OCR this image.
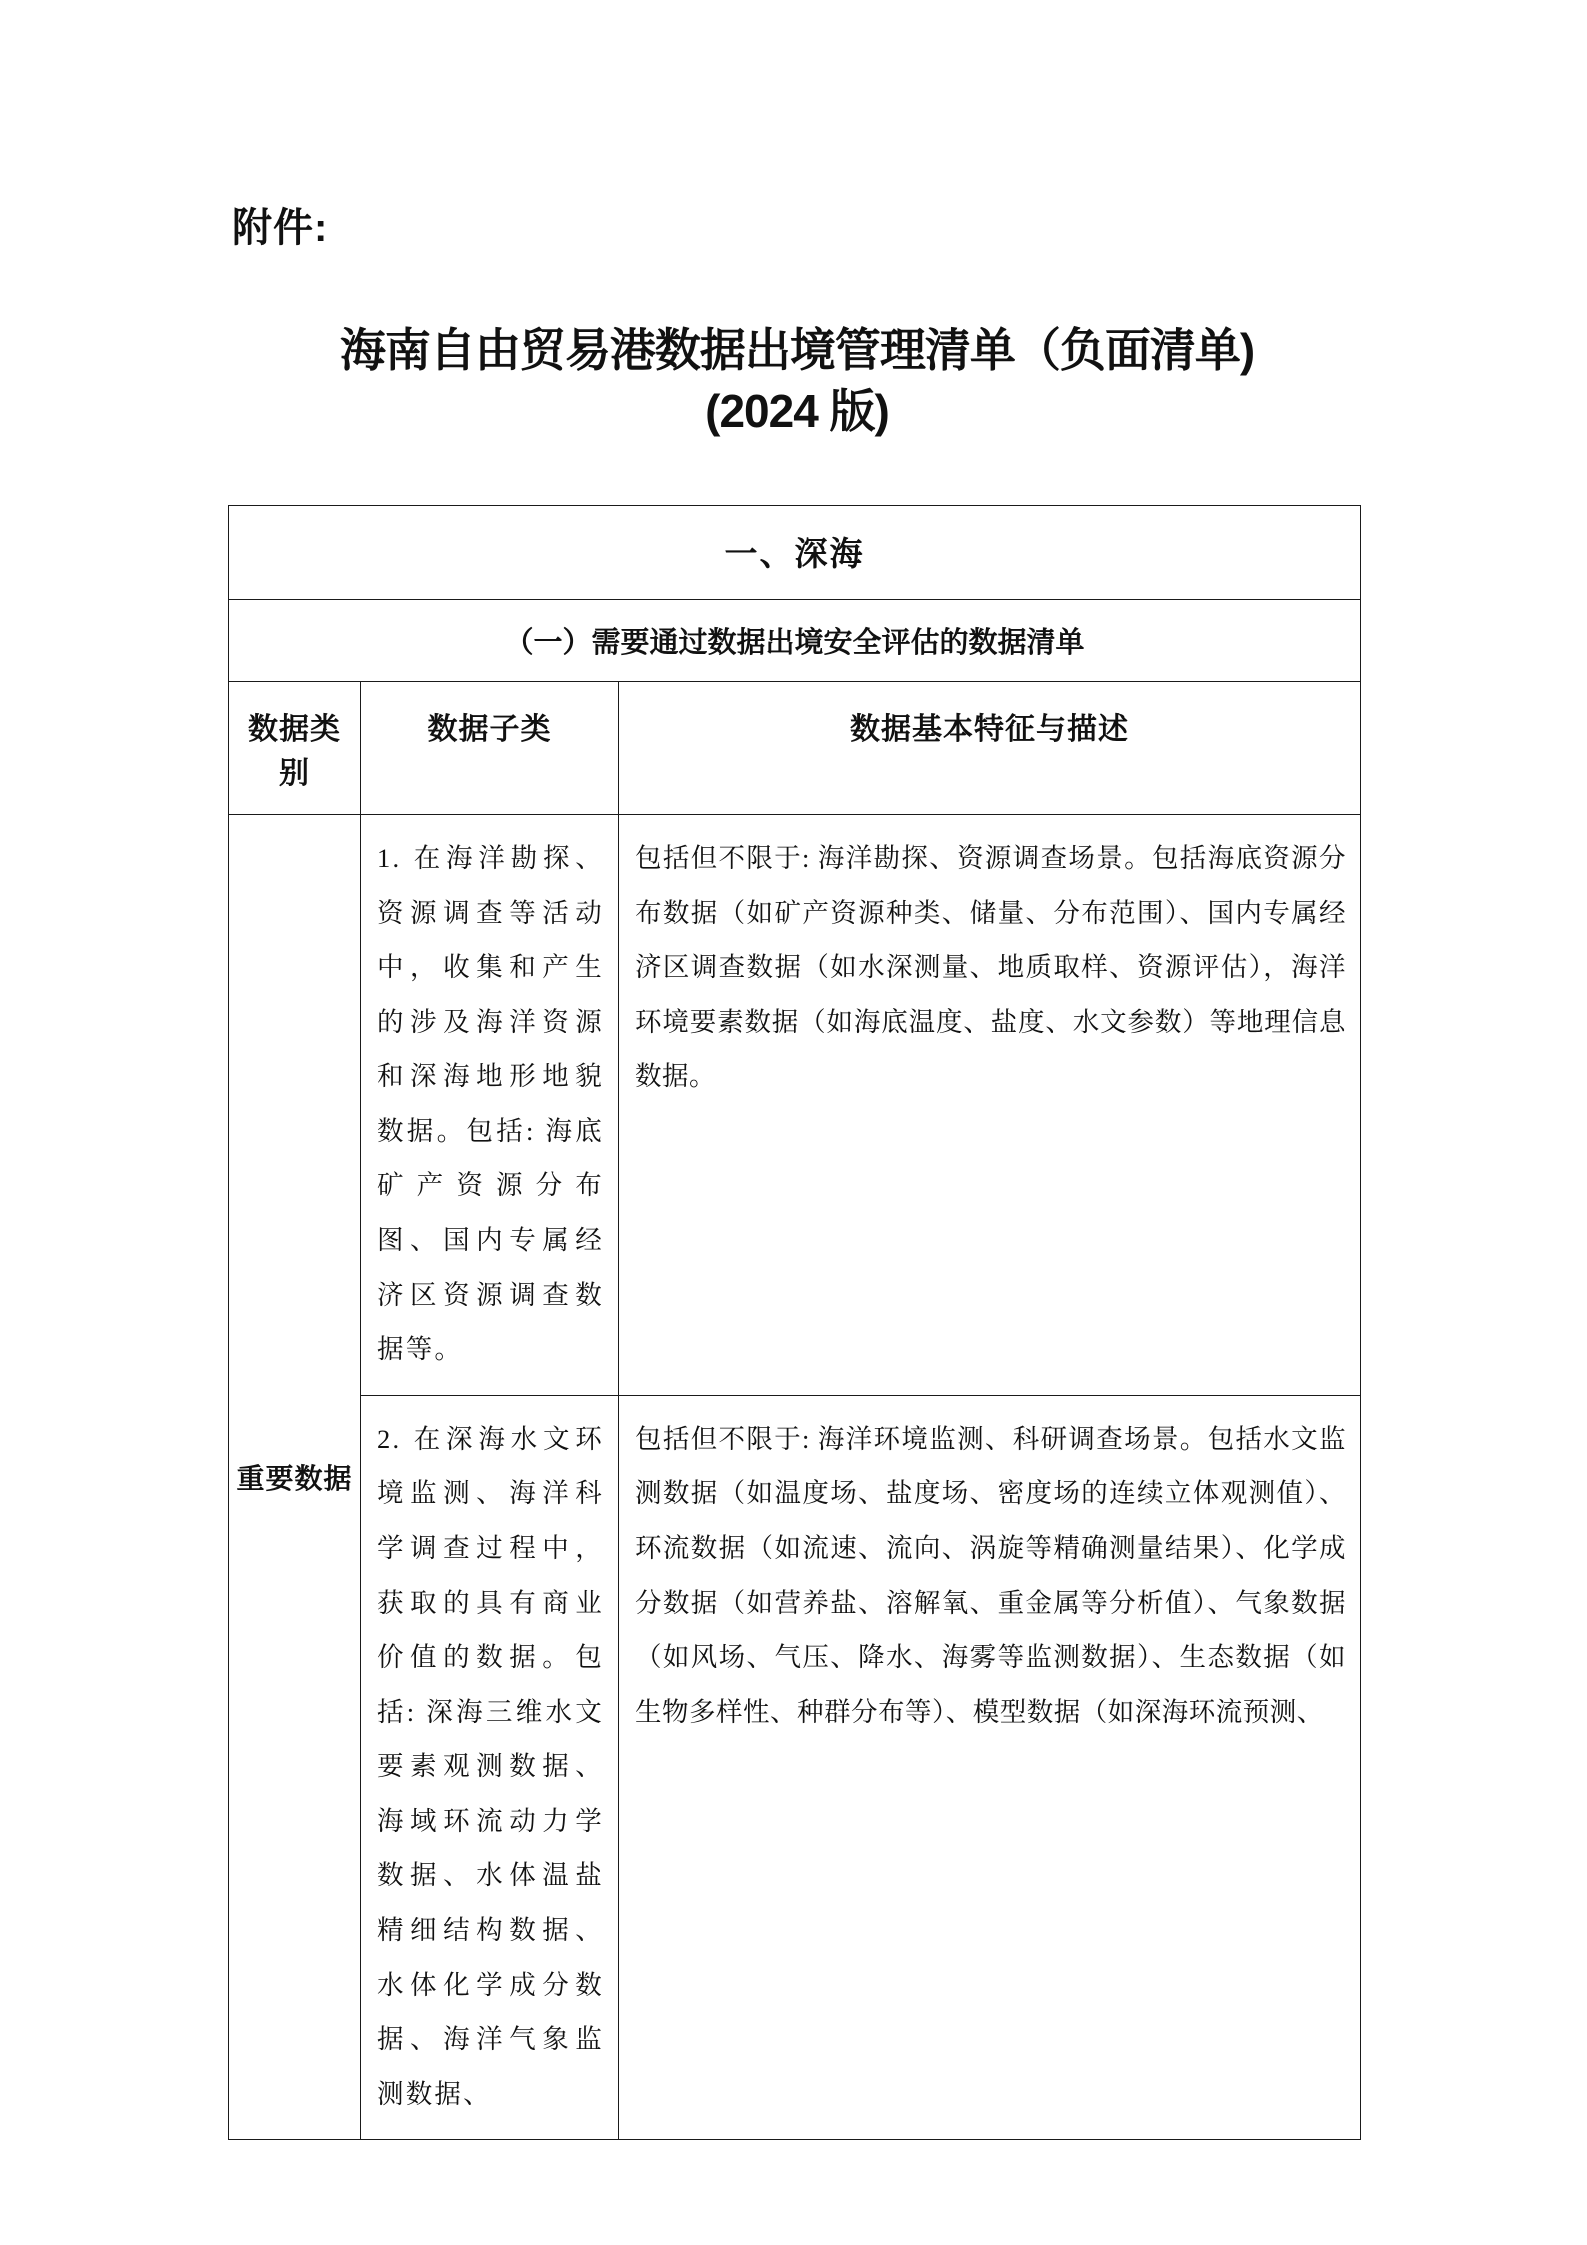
附件:
海南自由贸易港数据出境管理清单（负面清单)
(2024 版)
一、深海		
（一）需要通过数据出境安全评估的数据清单		
数据类别	数据子类	数据基本特征与描述
重要数据	1. 在海洋勘探、资源调查等活动中，收集和产生的涉及海洋资源和深海地形地貌数据。包括: 海底矿产资源分布图、国内专属经济区资源调查数据等。	包括但不限于: 海洋勘探、资源调查场景。包括海底资源分布数据（如矿产资源种类、储量、分布范围）、国内专属经济区调查数据（如水深测量、地质取样、资源评估），海洋环境要素数据（如海底温度、盐度、水文参数）等地理信息数据。
	2. 在深海水文环境监测、海洋科学调查过程中，获取的具有商业价值的数据。包括: 深海三维水文要素观测数据、海域环流动力学数据、水体温盐精细结构数据、水体化学成分数据、海洋气象监测数据、	包括但不限于: 海洋环境监测、科研调查场景。包括水文监测数据（如温度场、盐度场、密度场的连续立体观测值）、环流数据（如流速、流向、涡旋等精确测量结果）、化学成分数据（如营养盐、溶解氧、重金属等分析值）、气象数据（如风场、气压、降水、海雾等监测数据）、生态数据（如生物多样性、种群分布等）、模型数据（如深海环流预测、
